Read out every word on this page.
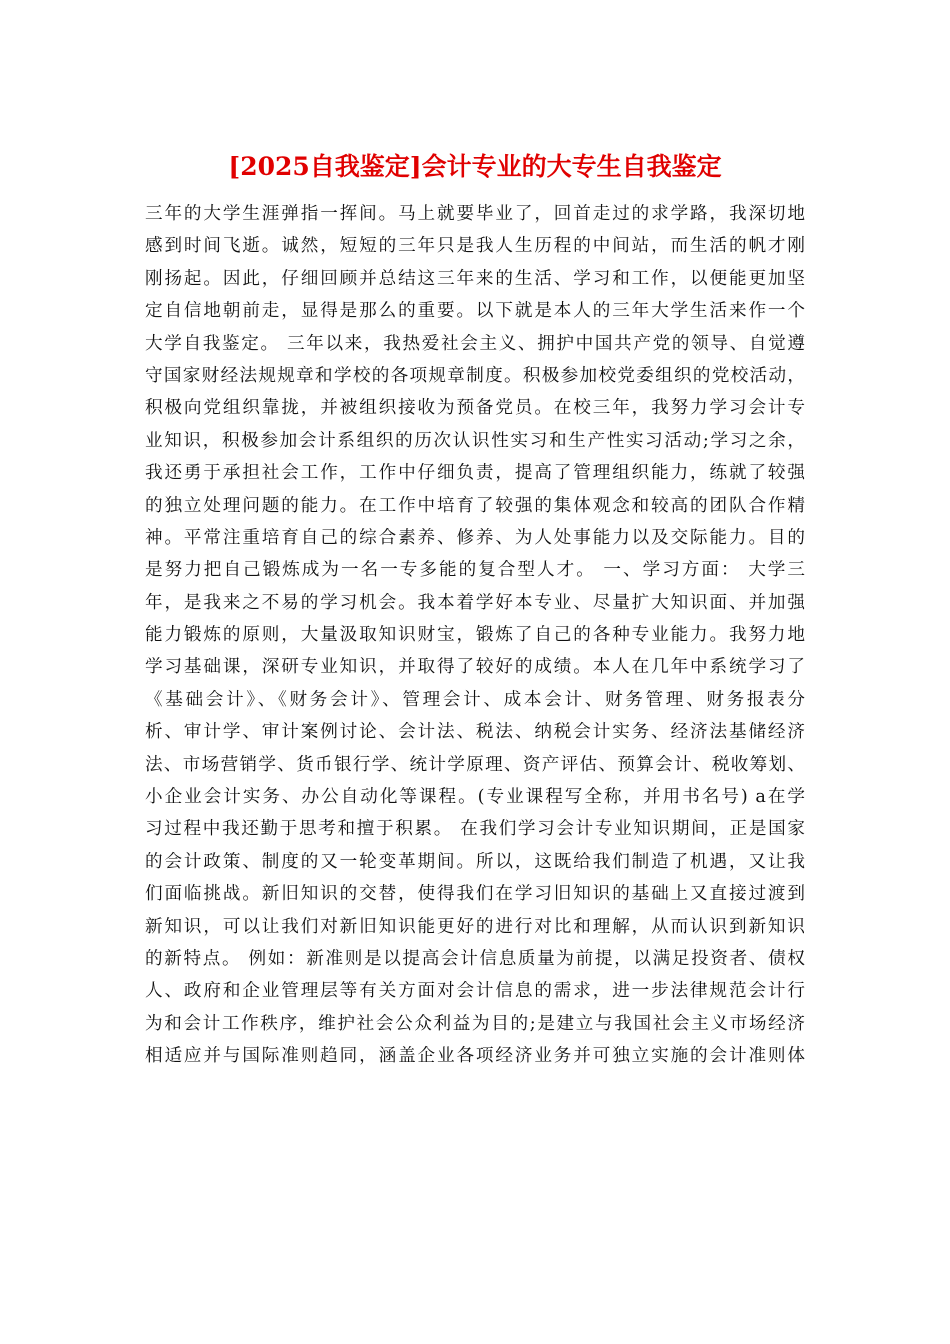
[2025自我鉴定]会计专业的大专生自我鉴定
三年的大学生涯弹指一挥间。马上就要毕业了，回首走过的求学路，我深切地
感到时间飞逝。诚然，短短的三年只是我人生历程的中间站，而生活的帆才刚
刚扬起。因此，仔细回顾并总结这三年来的生活、学习和工作，以便能更加坚
定自信地朝前走，显得是那么的重要。以下就是本人的三年大学生活来作一个
大学自我鉴定。 三年以来，我热爱社会主义、拥护中国共产党的领导、自觉遵
守国家财经法规规章和学校的各项规章制度。积极参加校党委组织的党校活动，
积极向党组织靠拢，并被组织接收为预备党员。在校三年，我努力学习会计专
业知识，积极参加会计系组织的历次认识性实习和生产性实习活动;学习之余，
我还勇于承担社会工作，工作中仔细负责，提高了管理组织能力，练就了较强
的独立处理问题的能力。在工作中培育了较强的集体观念和较高的团队合作精
神。平常注重培育自己的综合素养、修养、为人处事能力以及交际能力。目的
是努力把自己锻炼成为一名一专多能的复合型人才。 一、学习方面： 大学三
年，是我来之不易的学习机会。我本着学好本专业、尽量扩大知识面、并加强
能力锻炼的原则，大量汲取知识财宝，锻炼了自己的各种专业能力。我努力地
学习基础课，深研专业知识，并取得了较好的成绩。本人在几年中系统学习了
《基础会计》、《财务会计》、管理会计、成本会计、财务管理、财务报表分
析、审计学、审计案例讨论、会计法、税法、纳税会计实务、经济法基储经济
法、市场营销学、货币银行学、统计学原理、资产评估、预算会计、税收筹划、
小企业会计实务、办公自动化等课程。(专业课程写全称，并用书名号) a在学
习过程中我还勤于思考和擅于积累。 在我们学习会计专业知识期间，正是国家
的会计政策、制度的又一轮变革期间。所以，这既给我们制造了机遇，又让我
们面临挑战。新旧知识的交替，使得我们在学习旧知识的基础上又直接过渡到
新知识，可以让我们对新旧知识能更好的进行对比和理解，从而认识到新知识
的新特点。 例如：新准则是以提高会计信息质量为前提，以满足投资者、债权
人、政府和企业管理层等有关方面对会计信息的需求，进一步法律规范会计行
为和会计工作秩序，维护社会公众利益为目的;是建立与我国社会主义市场经济
相适应并与国际准则趋同，涵盖企业各项经济业务并可独立实施的会计准则体
